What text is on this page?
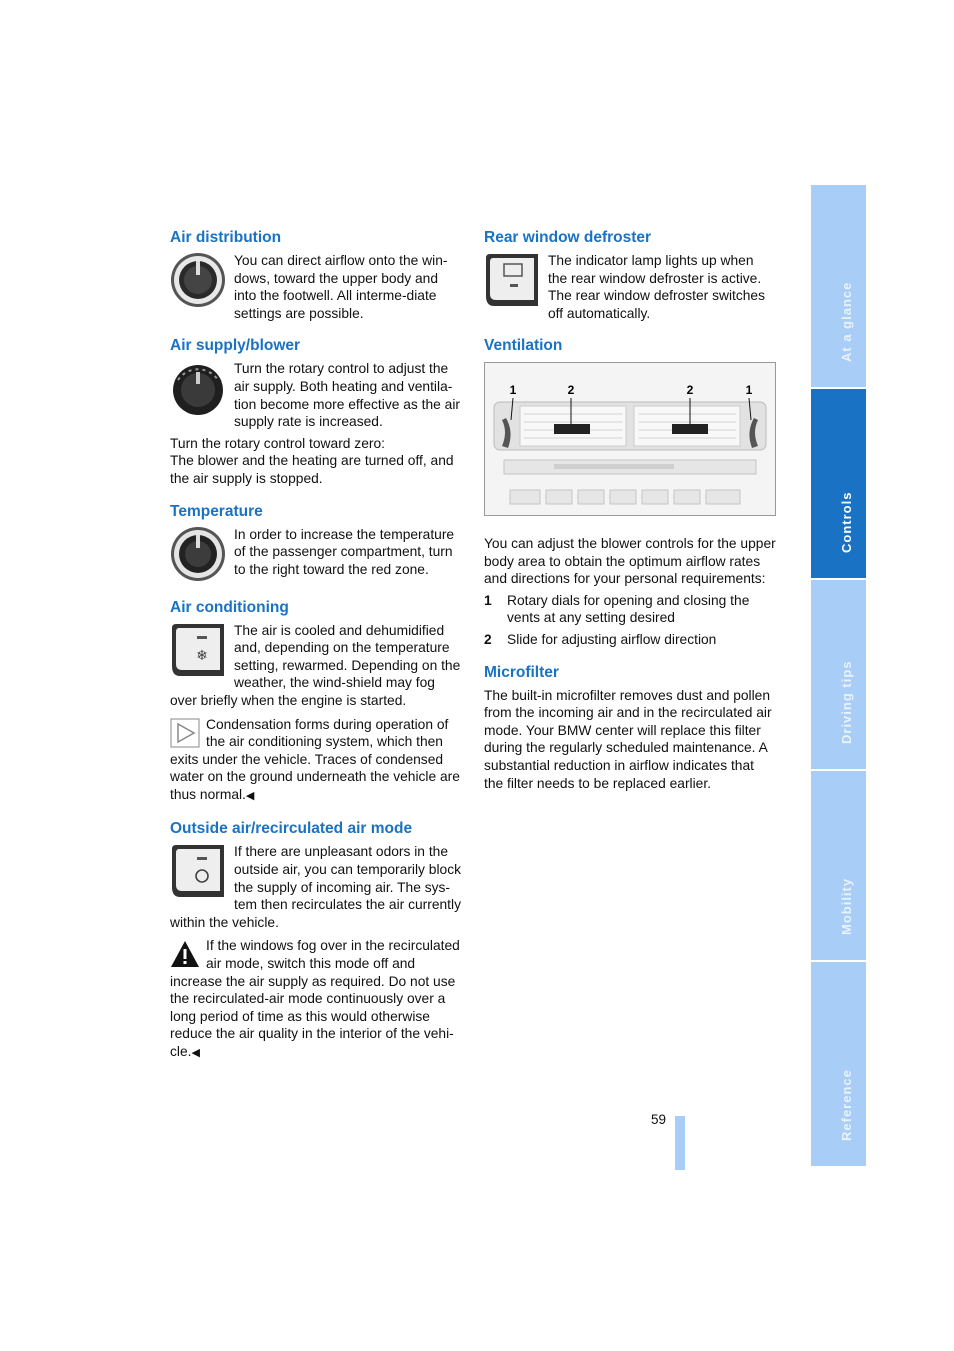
Air distribution

You can direct airflow onto the win-dows, toward the upper body and into the footwell. All interme-diate settings are possible.

Air supply/blower

Turn the rotary control to adjust the air supply. Both heating and ventila-tion become more effective as the air supply rate is increased.

Turn the rotary control toward zero:

The blower and the heating are turned off, and the air supply is stopped.

Temperature

In order to increase the temperature of the passenger compartment, turn to the right toward the red zone.

Air conditioning
❄

The air is cooled and dehumidified and, depending on the temperature setting, rewarmed. Depending on the weather, the wind-shield may fog over briefly when the engine is started.

Condensation forms during operation of the air conditioning system, which then exits under the vehicle. Traces of condensed water on the ground underneath the vehicle are thus normal.◀

Outside air/recirculated air mode

If there are unpleasant odors in the outside air, you can temporarily block the supply of incoming air. The sys-tem then recirculates the air currently within the vehicle.

If the windows fog over in the recirculated air mode, switch this mode off and increase the air supply as required. Do not use the recirculated-air mode continuously over a long period of time as this would otherwise reduce the air quality in the interior of the vehi-cle.◀

Rear window defroster

The indicator lamp lights up when the rear window defroster is active. The rear window defroster switches off automatically.

Ventilation
1	2	2	1

You can adjust the blower controls for the upper body area to obtain the optimum airflow rates and directions for your personal requirements:

1	Rotary dials for opening and closing the vents at any setting desired
2	Slide for adjusting airflow direction
Microfilter

The built-in microfilter removes dust and pollen from the incoming air and in the recirculated air mode. Your BMW center will replace this filter during the regularly scheduled maintenance. A substantial reduction in airflow indicates that the filter needs to be replaced earlier.

At a glance
Controls
Driving tips
Mobility
Reference
59
